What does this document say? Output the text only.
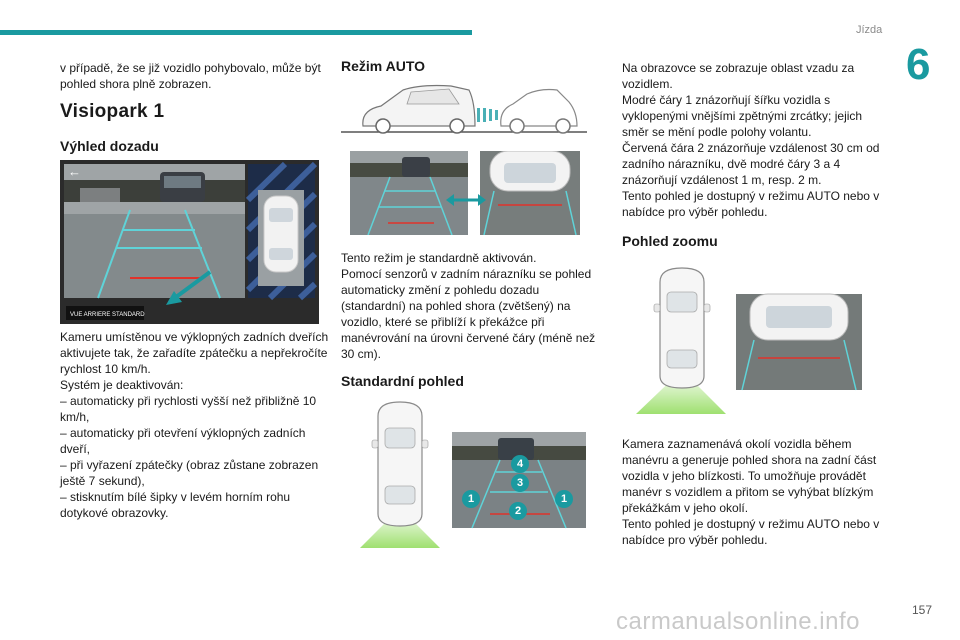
Jízda
6

v případě, že se již vozidlo pohybovalo, může být pohled shora plně zobrazen.

Visiopark 1
Výhled dozadu
←
VUE ARRIERE STANDARD

Kameru umístěnou ve výklopných zadních dveřích aktivujete tak, že zařadíte zpátečku a nepřekročíte rychlost 10 km/h.

Systém je deaktivován:

– automaticky při rychlosti vyšší než přibližně 10 km/h,

– automaticky při otevření výklopných zadních dveří,

– při vyřazení zpátečky (obraz zůstane zobrazen ještě 7 sekund),

– stisknutím bílé šipky v levém horním rohu dotykové obrazovky.

Režim AUTO

Tento režim je standardně aktivován.

Pomocí senzorů v zadním nárazníku se pohled automaticky změní z pohledu dozadu (standardní) na pohled shora (zvětšený) na vozidlo, které se přiblíží k překážce při manévrování na úrovni červené čáry (méně než 30 cm).

Standardní pohled
4
3
1	1
2

Na obrazovce se zobrazuje oblast vzadu za vozidlem.

Modré čáry 1 znázorňují šířku vozidla s vyklopenými vnějšími zpětnými zrcátky; jejich směr se mění podle polohy volantu.

Červená čára 2 znázorňuje vzdálenost 30 cm od zadního nárazníku, dvě modré čáry 3 a 4 znázorňují vzdálenost 1 m, resp. 2 m.

Tento pohled je dostupný v režimu AUTO nebo v nabídce pro výběr pohledu.

Pohled zoomu

Kamera zaznamenává okolí vozidla během manévru a generuje pohled shora na zadní část vozidla v jeho blízkosti. To umožňuje provádět manévr s vozidlem a přitom se vyhýbat blízkým překážkám v jeho okolí.

Tento pohled je dostupný v režimu AUTO nebo v nabídce pro výběr pohledu.

carmanualsonline.info	157
